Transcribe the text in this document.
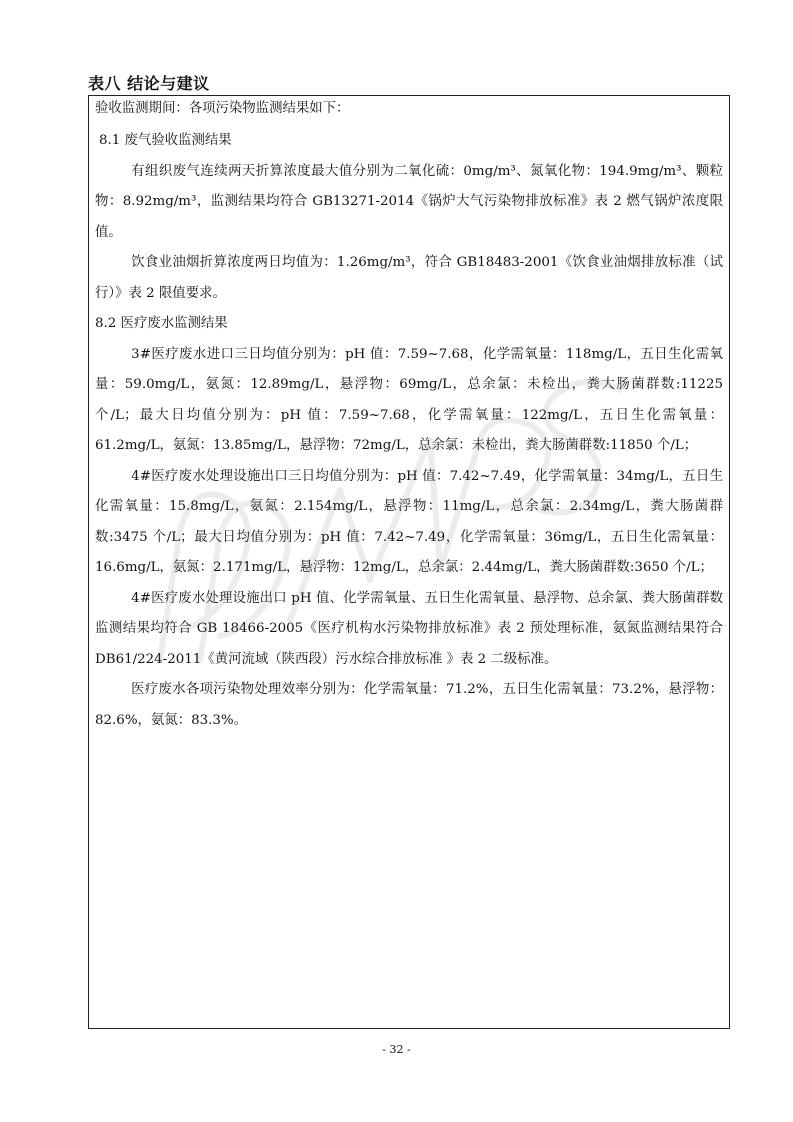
表八 结论与建议

验收监测期间：各项污染物监测结果如下：

8.1 废气验收监测结果

有组织废气连续两天折算浓度最大值分别为二氧化硫：0mg/m³、氮氧化物：194.9mg/m³、颗粒物：8.92mg/m³，监测结果均符合 GB13271-2014《锅炉大气污染物排放标准》表 2 燃气锅炉浓度限值。

饮食业油烟折算浓度两日均值为：1.26mg/m³，符合 GB18483-2001《饮食业油烟排放标准（试行）》表 2 限值要求。

8.2 医疗废水监测结果

3#医疗废水进口三日均值分别为：pH 值：7.59~7.68，化学需氧量：118mg/L，五日生化需氧量：59.0mg/L，氨氮：12.89mg/L，悬浮物：69mg/L，总余氯：未检出，粪大肠菌群数:11225 个/L；最大日均值分别为：pH 值：7.59~7.68，化学需氧量：122mg/L，五日生化需氧量：61.2mg/L，氨氮：13.85mg/L，悬浮物：72mg/L，总余氯：未检出，粪大肠菌群数:11850 个/L；

4#医疗废水处理设施出口三日均值分别为：pH 值：7.42~7.49，化学需氧量：34mg/L，五日生化需氧量：15.8mg/L，氨氮：2.154mg/L，悬浮物：11mg/L，总余氯：2.34mg/L，粪大肠菌群数:3475 个/L；最大日均值分别为：pH 值：7.42~7.49，化学需氧量：36mg/L，五日生化需氧量：16.6mg/L，氨氮：2.171mg/L，悬浮物：12mg/L，总余氯：2.44mg/L，粪大肠菌群数:3650 个/L；

4#医疗废水处理设施出口 pH 值、化学需氧量、五日生化需氧量、悬浮物、总余氯、粪大肠菌群数监测结果均符合 GB 18466-2005《医疗机构水污染物排放标准》表 2 预处理标准，氨氮监测结果符合 DB61/224-2011《黄河流域（陕西段）污水综合排放标准 》表 2 二级标准。

医疗废水各项污染物处理效率分别为：化学需氧量：71.2%，五日生化需氧量：73.2%，悬浮物：82.6%，氨氮：83.3%。

- 32 -
